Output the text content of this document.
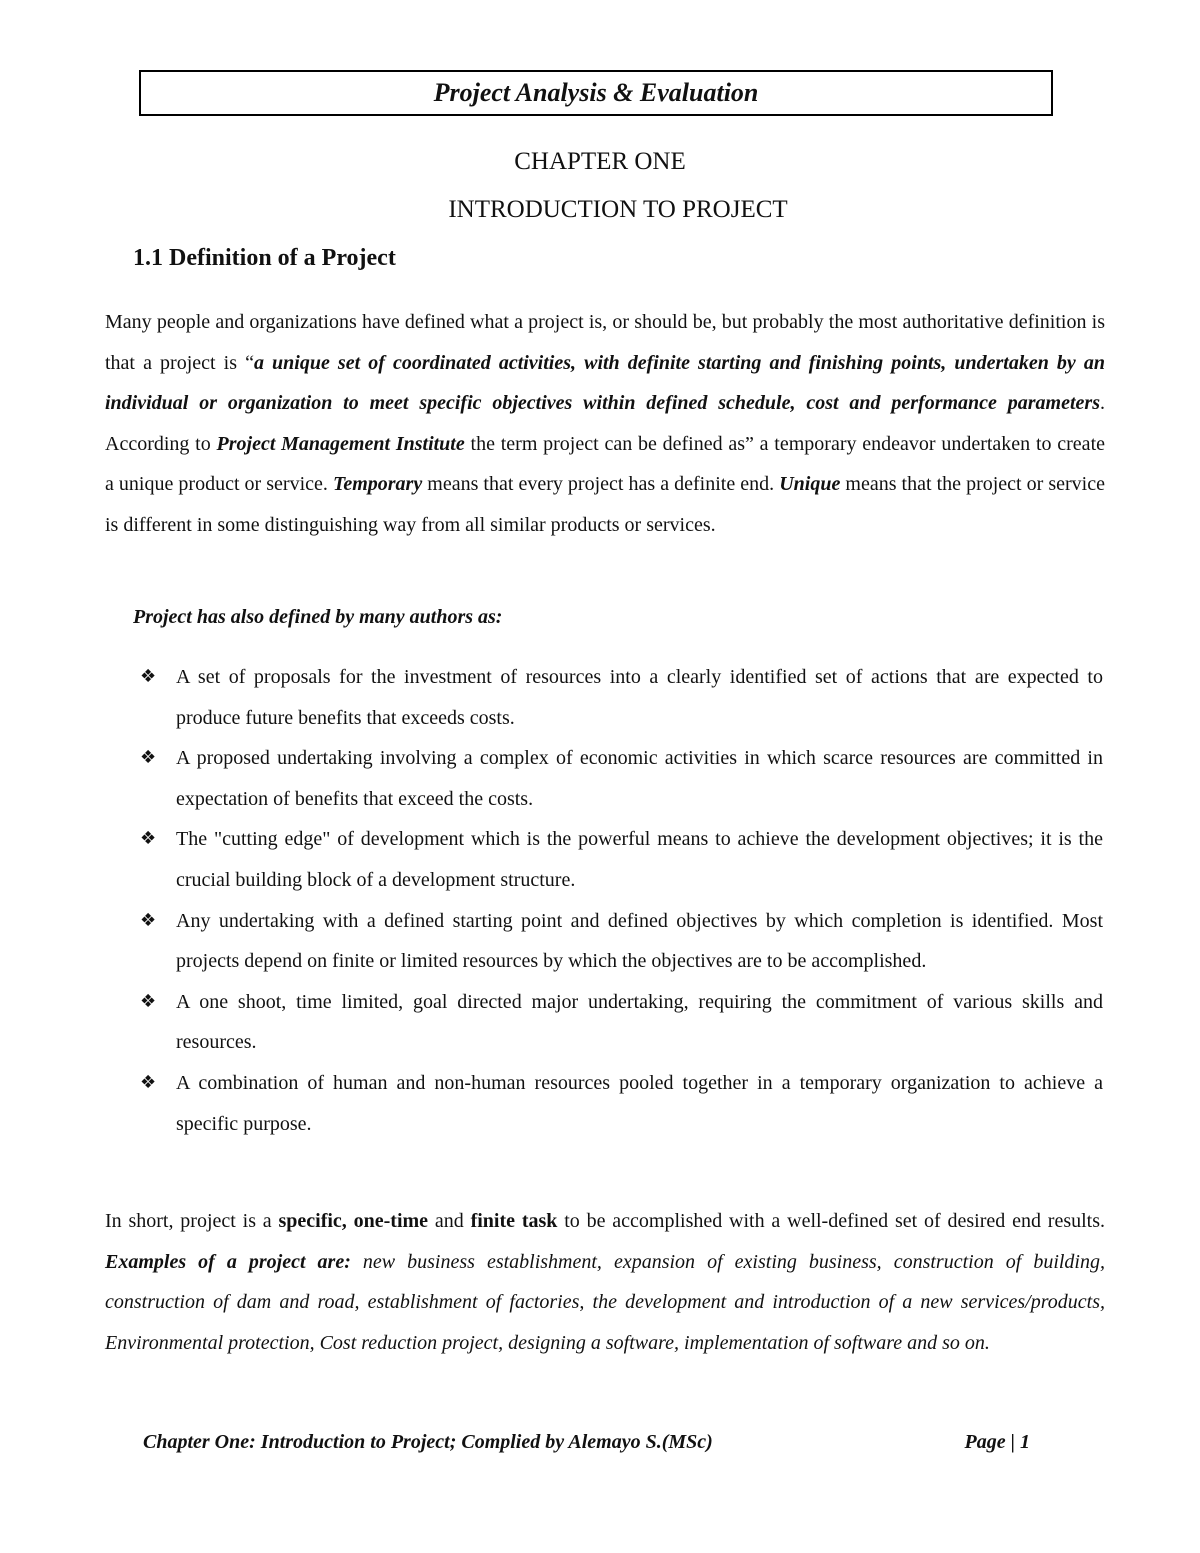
Project Analysis & Evaluation
CHAPTER ONE
INTRODUCTION TO PROJECT
1.1 Definition of a Project

Many people and organizations have defined what a project is, or should be, but probably the most authoritative definition is that a project is “a unique set of coordinated activities, with definite starting and finishing points, undertaken by an individual or organization to meet specific objectives within defined schedule, cost and performance parameters. According to Project Management Institute the term project can be defined as” a temporary endeavor undertaken to create a unique product or service. Temporary means that every project has a definite end. Unique means that the project or service is different in some distinguishing way from all similar products or services.

Project has also defined by many authors as:
❖ A set of proposals for the investment of resources into a clearly identified set of actions that are expected to produce future benefits that exceeds costs.
❖ A proposed undertaking involving a complex of economic activities in which scarce resources are committed in expectation of benefits that exceed the costs.
❖ The "cutting edge" of development which is the powerful means to achieve the development objectives; it is the crucial building block of a development structure.
❖ Any undertaking with a defined starting point and defined objectives by which completion is identified. Most projects depend on finite or limited resources by which the objectives are to be accomplished.
❖ A one shoot, time limited, goal directed major undertaking, requiring the commitment of various skills and resources.
❖ A combination of human and non-human resources pooled together in a temporary organization to achieve a specific purpose.

In short, project is a specific, one-time and finite task to be accomplished with a well-defined set of desired end results. Examples of a project are: new business establishment, expansion of existing business, construction of building, construction of dam and road, establishment of factories, the development and introduction of a new services/products, Environmental protection, Cost reduction project, designing a software, implementation of software and so on.

Chapter One: Introduction to Project; Complied by Alemayo S.(MSc)	Page | 1
